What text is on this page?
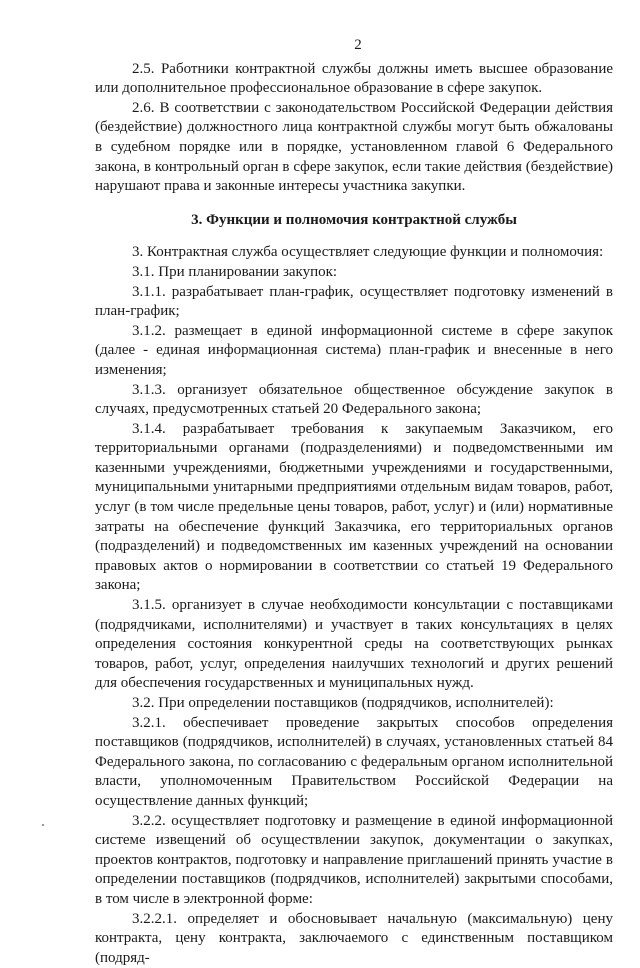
2

2.5. Работники контрактной службы должны иметь высшее образование или дополнительное профессиональное образование в сфере закупок.

2.6. В соответствии с законодательством Российской Федерации действия (бездействие) должностного лица контрактной службы могут быть обжалованы в судебном порядке или в порядке, установленном главой 6 Федерального закона, в контрольный орган в сфере закупок, если такие действия (бездействие) нарушают права и законные интересы участника закупки.

3. Функции и полномочия контрактной службы

3. Контрактная служба осуществляет следующие функции и полномочия:

3.1. При планировании закупок:

3.1.1. разрабатывает план-график, осуществляет подготовку изменений в план-график;

3.1.2. размещает в единой информационной системе в сфере закупок (далее - единая информационная система) план-график и внесенные в него изменения;

3.1.3. организует обязательное общественное обсуждение закупок в случаях, предусмотренных статьей 20 Федерального закона;

3.1.4. разрабатывает требования к закупаемым Заказчиком, его территориальными органами (подразделениями) и подведомственными им казенными учреждениями, бюджетными учреждениями и государственными, муниципальными унитарными предприятиями отдельным видам товаров, работ, услуг (в том числе предельные цены товаров, работ, услуг) и (или) нормативные затраты на обеспечение функций Заказчика, его территориальных органов (подразделений) и подведомственных им казенных учреждений на основании правовых актов о нормировании в соответствии со статьей 19 Федерального закона;

3.1.5. организует в случае необходимости консультации с поставщиками (подрядчиками, исполнителями) и участвует в таких консультациях в целях определения состояния конкурентной среды на соответствующих рынках товаров, работ, услуг, определения наилучших технологий и других решений для обеспечения государственных и муниципальных нужд.

3.2. При определении поставщиков (подрядчиков, исполнителей):

3.2.1. обеспечивает проведение закрытых способов определения поставщиков (подрядчиков, исполнителей) в случаях, установленных статьей 84 Федерального закона, по согласованию с федеральным органом исполнительной власти, уполномоченным Правительством Российской Федерации на осуществление данных функций;

3.2.2. осуществляет подготовку и размещение в единой информационной системе извещений об осуществлении закупок, документации о закупках, проектов контрактов, подготовку и направление приглашений принять участие в определении поставщиков (подрядчиков, исполнителей) закрытыми способами, в том числе в электронной форме:

3.2.2.1. определяет и обосновывает начальную (максимальную) цену контракта, цену контракта, заключаемого с единственным поставщиком (подряд-
